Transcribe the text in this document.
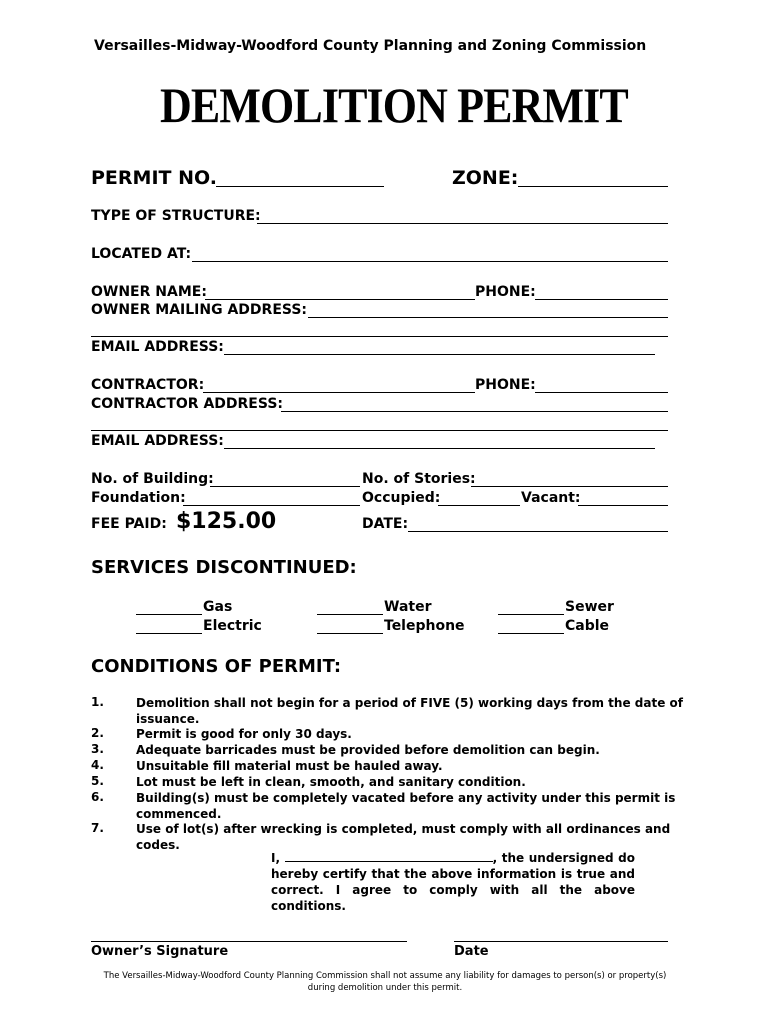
Versailles-Midway-Woodford County Planning and Zoning Commission
DEMOLITION PERMIT
PERMIT NO.	ZONE:
TYPE OF STRUCTURE:
LOCATED AT:
OWNER NAME:	PHONE:
OWNER MAILING ADDRESS:
EMAIL ADDRESS:
CONTRACTOR:	PHONE:
CONTRACTOR ADDRESS:
EMAIL ADDRESS:
No. of Building:	No. of Stories:
Foundation:	Occupied:	Vacant:
FEE PAID: $125.00	DATE:
SERVICES DISCONTINUED:
Gas	Water	Sewer
Electric	Telephone	Cable
CONDITIONS OF PERMIT:
1.	Demolition shall not begin for a period of FIVE (5) working days from the date of issuance.
2.	Permit is good for only 30 days.
3.	Adequate barricades must be provided before demolition can begin.
4.	Unsuitable fill material must be hauled away.
5.	Lot must be left in clean, smooth, and sanitary condition.
6.	Building(s) must be completely vacated before any activity under this permit is commenced.
7.	Use of lot(s) after wrecking is completed, must comply with all ordinances and codes.
I,	, the undersigned do hereby certify that the above information is true and correct. I agree to comply with all the above conditions.
Owner’s Signature	Date
The Versailles-Midway-Woodford County Planning Commission shall not assume any liability for damages to person(s) or property(s) during demolition under this permit.
